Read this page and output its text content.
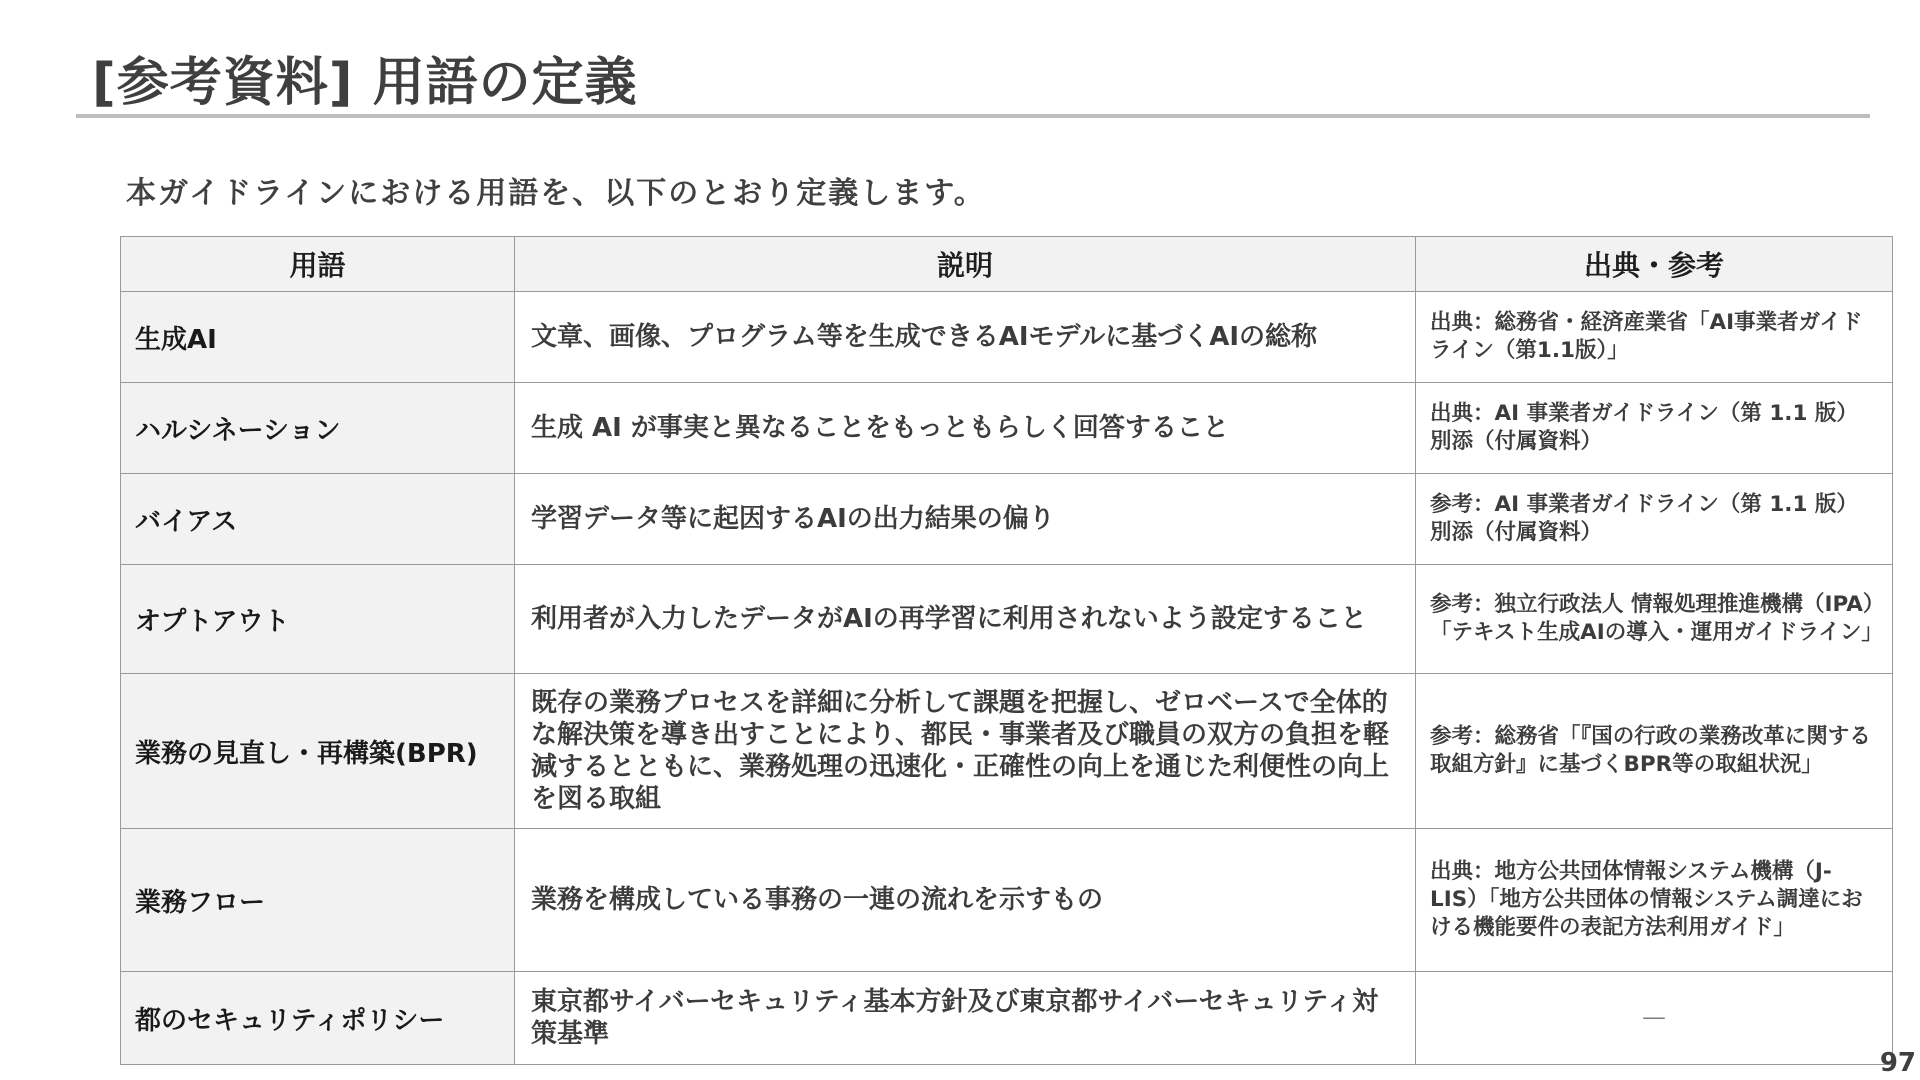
[参考資料] 用語の定義
本ガイドラインにおける用語を、以下のとおり定義します。
用語	説明	出典・参考
生成AI	文章、画像、プログラム等を生成できるAIモデルに基づくAIの総称	出典：総務省・経済産業省「AI事業者ガイドライン（第1.1版）」
ハルシネーション	生成 AI が事実と異なることをもっともらしく回答すること	出典：AI 事業者ガイドライン（第 1.1 版）別添（付属資料）
バイアス	学習データ等に起因するAIの出力結果の偏り	参考：AI 事業者ガイドライン（第 1.1 版）別添（付属資料）
オプトアウト	利用者が入力したデータがAIの再学習に利用されないよう設定すること	参考：独立行政法人 情報処理推進機構（IPA）「テキスト生成AIの導入・運用ガイドライン」
業務の見直し・再構築(BPR)	既存の業務プロセスを詳細に分析して課題を把握し、ゼロベースで全体的な解決策を導き出すことにより、都民・事業者及び職員の双方の負担を軽減するとともに、業務処理の迅速化・正確性の向上を通じた利便性の向上を図る取組	参考：総務省「『国の行政の業務改革に関する取組方針』に基づくBPR等の取組状況」
業務フロー	業務を構成している事務の一連の流れを示すもの	出典：地方公共団体情報システム機構（J-LIS）「地方公共団体の情報システム調達における機能要件の表記方法利用ガイド」
都のセキュリティポリシー	東京都サイバーセキュリティ基本方針及び東京都サイバーセキュリティ対策基準	―
97
